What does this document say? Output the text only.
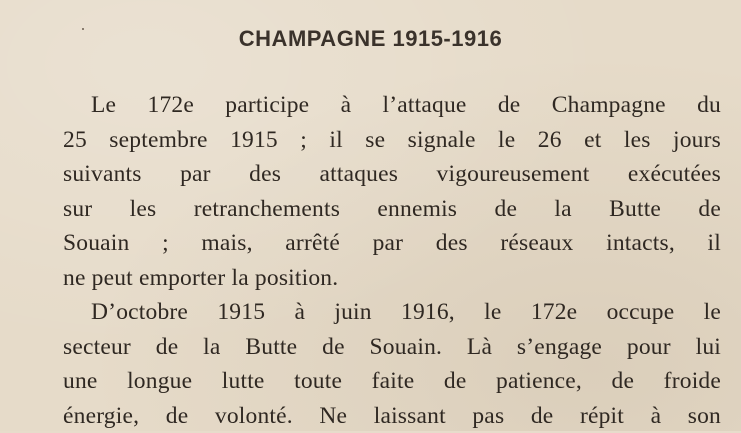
CHAMPAGNE 1915-1916
Le 172e participe à l’attaque de Champagne du
25 septembre 1915 ; il se signale le 26 et les jours
suivants par des attaques vigoureusement exécutées
sur les retranchements ennemis de la Butte de
Souain ; mais, arrêté par des réseaux intacts, il
ne peut emporter la position.
D’octobre 1915 à juin 1916, le 172e occupe le
secteur de la Butte de Souain. Là s’engage pour lui
une longue lutte toute faite de patience, de froide
énergie, de volonté. Ne laissant pas de répit à son
